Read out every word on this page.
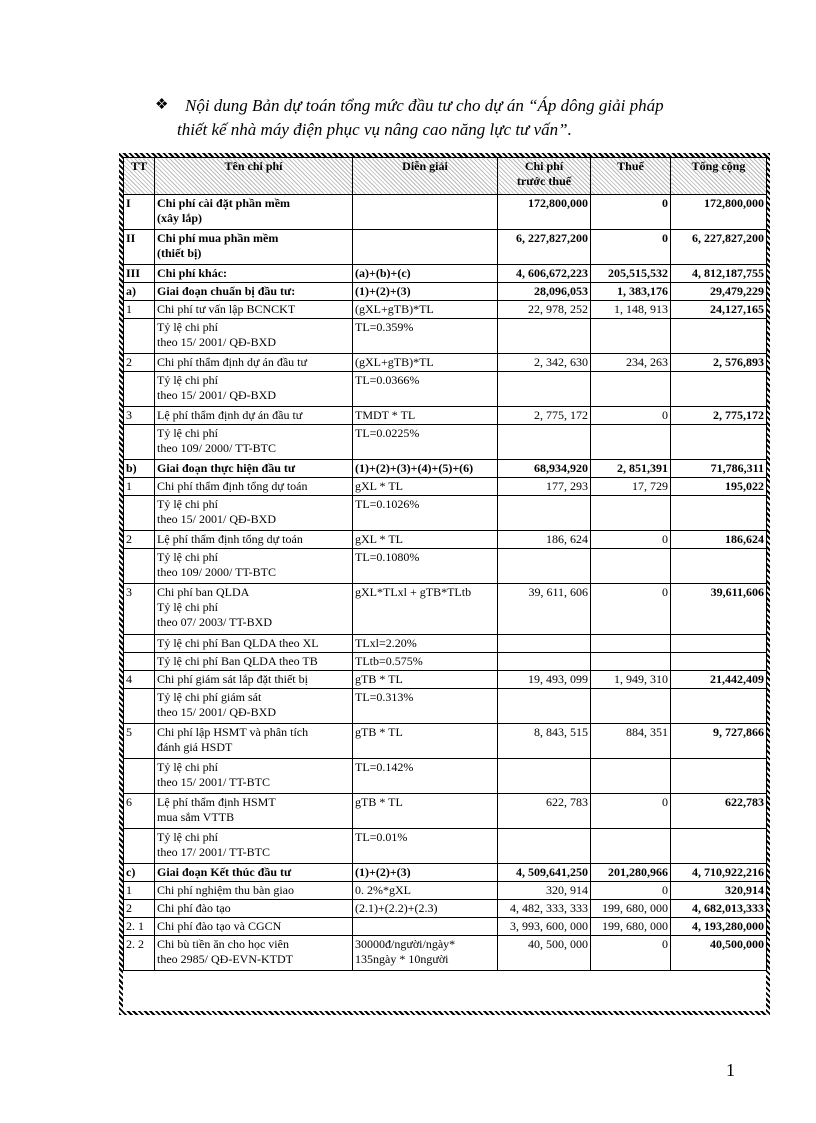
❖ Nội dung Bản dự toán tổng mức đầu tư cho dự án “Áp dông giải pháp
thiết kế nhà máy điện phục vụ nâng cao năng lực tư vấn”.
TT	Tên chi phí	Diễn giải	Chi phí
trước thuế	Thuế	Tổng cộng
I	Chi phí cài đặt phần mềm
(xây lắp)		172,800,000	0	172,800,000
II	Chi phí mua phần mềm
(thiết bị)		6, 227,827,200	0	6, 227,827,200
III	Chi phí khác:	(a)+(b)+(c)	4, 606,672,223	205,515,532	4, 812,187,755
a)	Giai đoạn chuẩn bị đầu tư:	(1)+(2)+(3)	28,096,053	1, 383,176	29,479,229
1	Chi phí tư vấn lập BCNCKT	(gXL+gTB)*TL	22, 978, 252	1, 148, 913	24,127,165
	Tỷ lệ chi phí
theo 15/ 2001/ QĐ-BXD	TL=0.359%			
2	Chi phí thẩm định dự án đầu tư	(gXL+gTB)*TL	2, 342, 630	234, 263	2, 576,893
	Tỷ lệ chi phí
theo 15/ 2001/ QĐ-BXD	TL=0.0366%			
3	Lệ phí thẩm định dự án đầu tư	TMDT * TL	2, 775, 172	0	2, 775,172
	Tỷ lệ chi phí
theo 109/ 2000/ TT-BTC	TL=0.0225%			
b)	Giai đoạn thực hiện đầu tư	(1)+(2)+(3)+(4)+(5)+(6)	68,934,920	2, 851,391	71,786,311
1	Chi phí thẩm định tổng dự toán	gXL * TL	177, 293	17, 729	195,022
	Tỷ lệ chi phí
theo 15/ 2001/ QĐ-BXD	TL=0.1026%			
2	Lệ phí thẩm định tổng dự toán	gXL * TL	186, 624	0	186,624
	Tỷ lệ chi phí
theo 109/ 2000/ TT-BTC	TL=0.1080%			
3	Chi phí ban QLDA
Tỷ lệ chi phí
theo 07/ 2003/ TT-BXD	gXL*TLxl + gTB*TLtb	39, 611, 606	0	39,611,606
	Tỷ lệ chi phí Ban QLDA theo XL	TLxl=2.20%			
	Tỷ lệ chi phí Ban QLDA theo TB	TLtb=0.575%			
4	Chi phí giám sát lắp đặt thiết bị	gTB * TL	19, 493, 099	1, 949, 310	21,442,409
	Tỷ lệ chi phí giám sát
theo 15/ 2001/ QĐ-BXD	TL=0.313%			
5	Chi phí lập HSMT và phân tích
đánh giá HSDT	gTB * TL	8, 843, 515	884, 351	9, 727,866
	Tỷ lệ chi phí
theo 15/ 2001/ TT-BTC	TL=0.142%			
6	Lệ phí thẩm định HSMT
mua sắm VTTB	gTB * TL	622, 783	0	622,783
	Tỷ lệ chi phí
theo 17/ 2001/ TT-BTC	TL=0.01%			
c)	Giai đoạn Kết thúc đầu tư	(1)+(2)+(3)	4, 509,641,250	201,280,966	4, 710,922,216
1	Chi phí nghiệm thu bàn giao	0. 2%*gXL	320, 914	0	320,914
2	Chi phí đào tạo	(2.1)+(2.2)+(2.3)	4, 482, 333, 333	199, 680, 000	4, 682,013,333
2. 1	Chi phí đào tạo và CGCN		3, 993, 600, 000	199, 680, 000	4, 193,280,000
2. 2	Chi bù tiền ăn cho học viên
theo 2985/ QĐ-EVN-KTDT	30000đ/người/ngày*
135ngày * 10người	40, 500, 000	0	40,500,000
1
